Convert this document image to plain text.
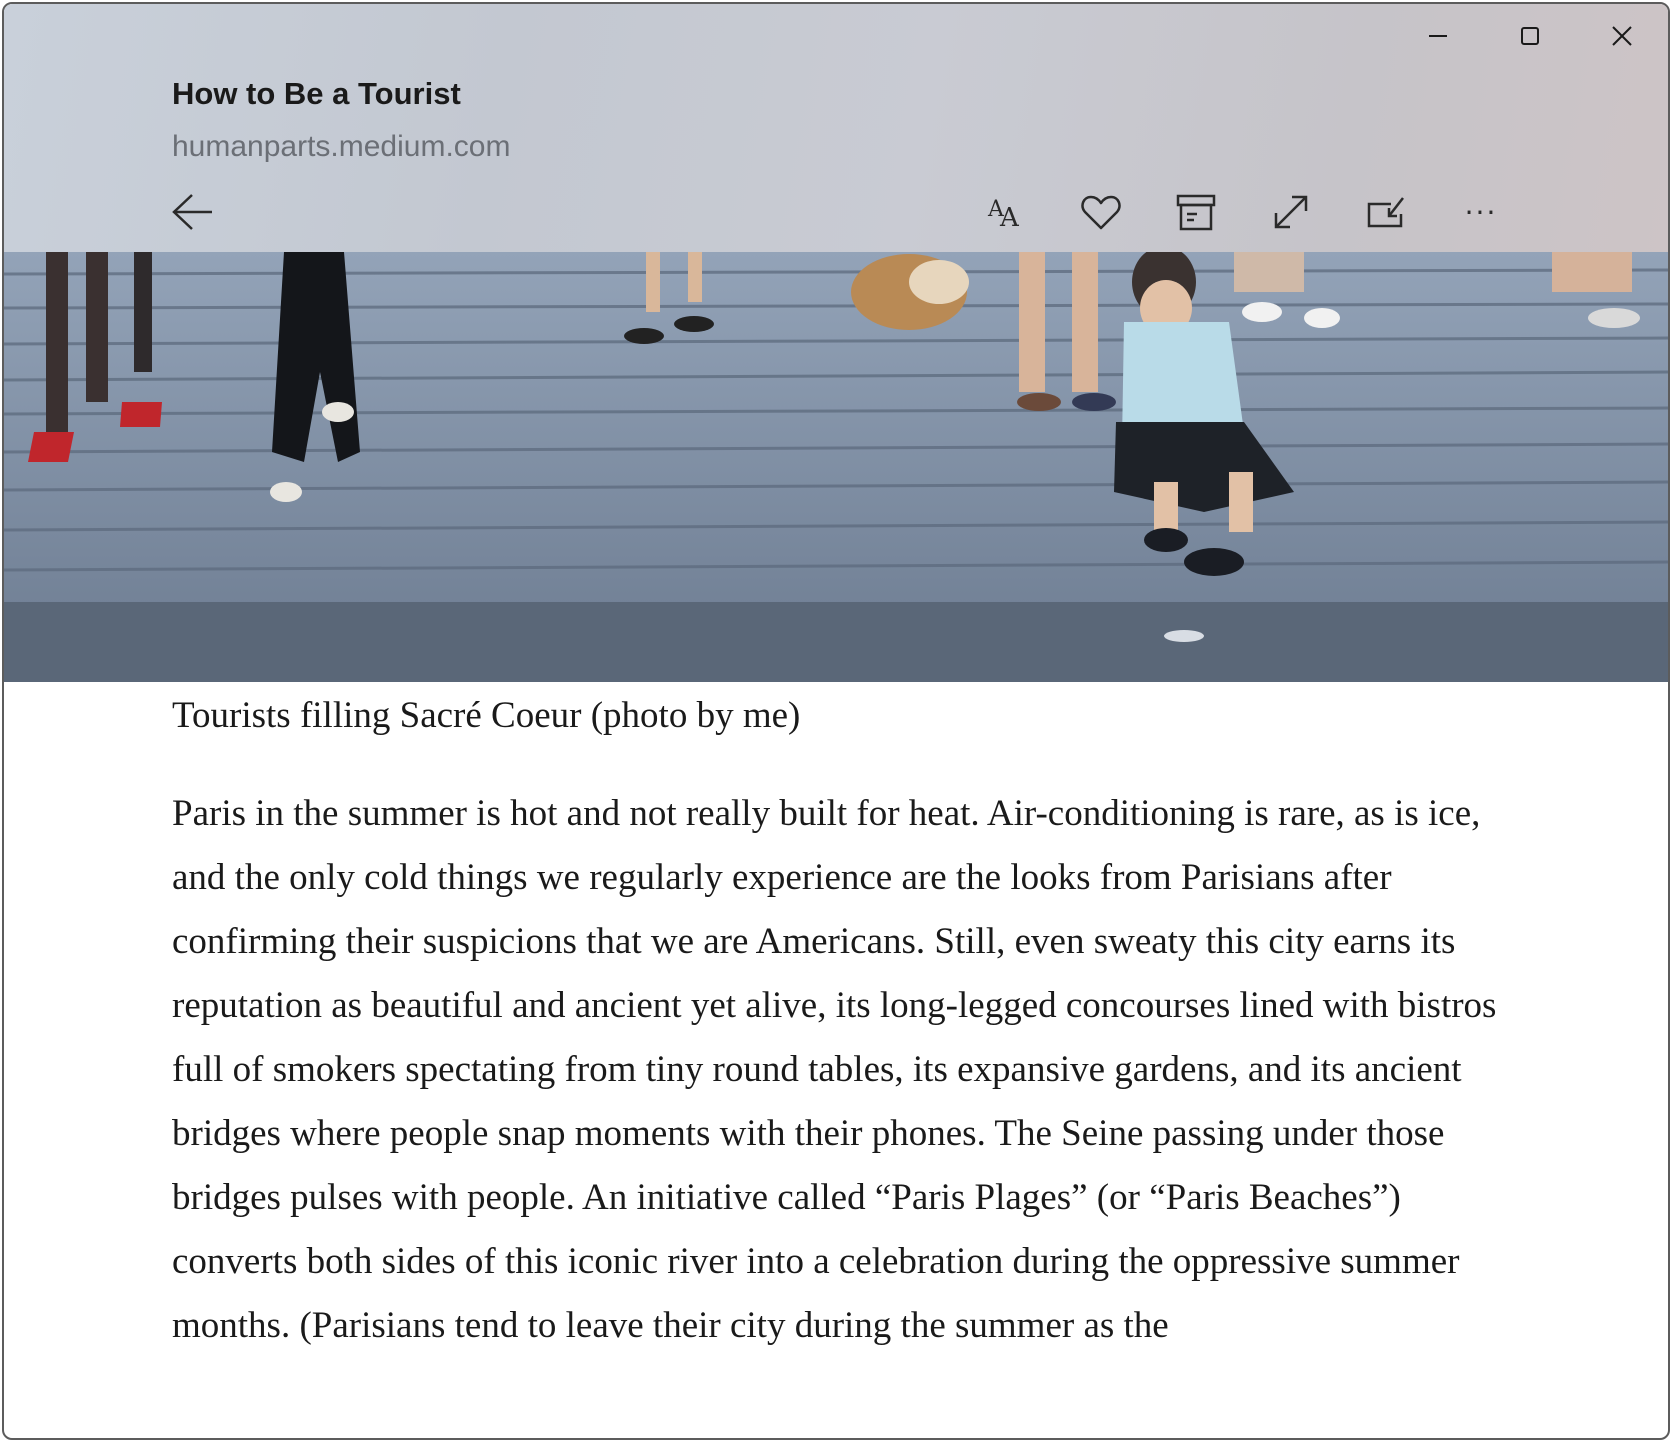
How to Be a Tourist
humanparts.medium.com
A
A	···
Tourists filling Sacré Coeur (photo by me)

Paris in the summer is hot and not really built for heat. Air-conditioning is rare, as is ice, and the only cold things we regularly experience are the looks from Parisians after confirming their suspicions that we are Americans. Still, even sweaty this city earns its reputation as beautiful and ancient yet alive, its long-legged concourses lined with bistros full of smokers spectating from tiny round tables, its expansive gardens, and its ancient bridges where people snap moments with their phones. The Seine passing under those bridges pulses with people. An initiative called “Paris Plages” (or “Paris Beaches”) converts both sides of this iconic river into a celebration during the oppressive summer months. (Parisians tend to leave their city during the summer as the
